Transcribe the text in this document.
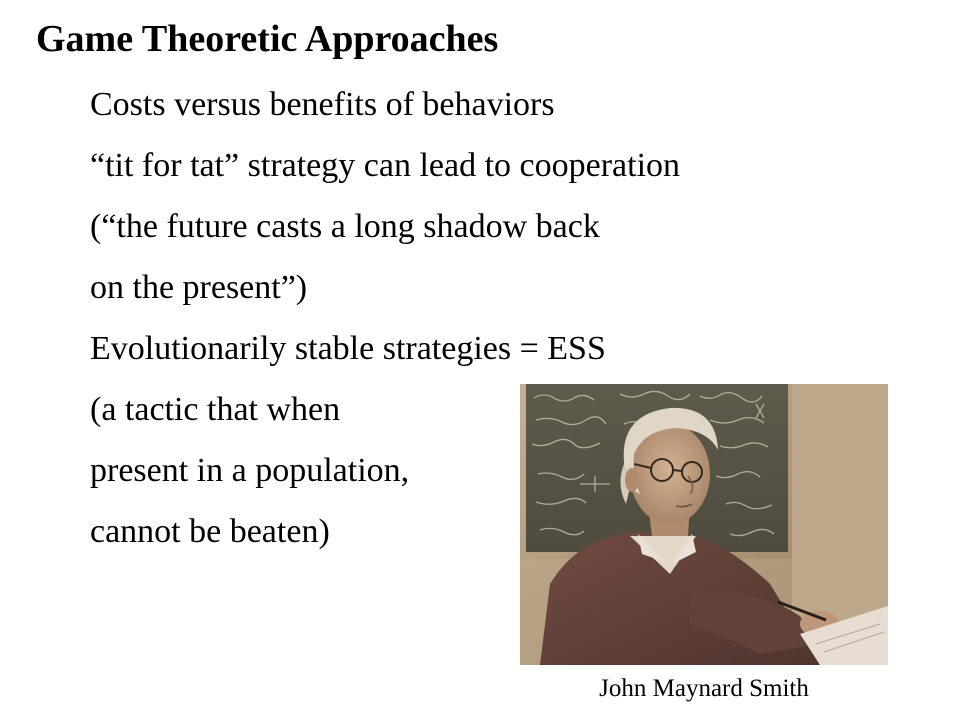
Game Theoretic Approaches
Costs versus benefits of behaviors
“tit for tat” strategy can lead to cooperation
(“the future casts a long shadow back
on the present”)
Evolutionarily stable strategies = ESS
(a tactic that when
present in a population,
cannot be beaten)
John Maynard Smith
